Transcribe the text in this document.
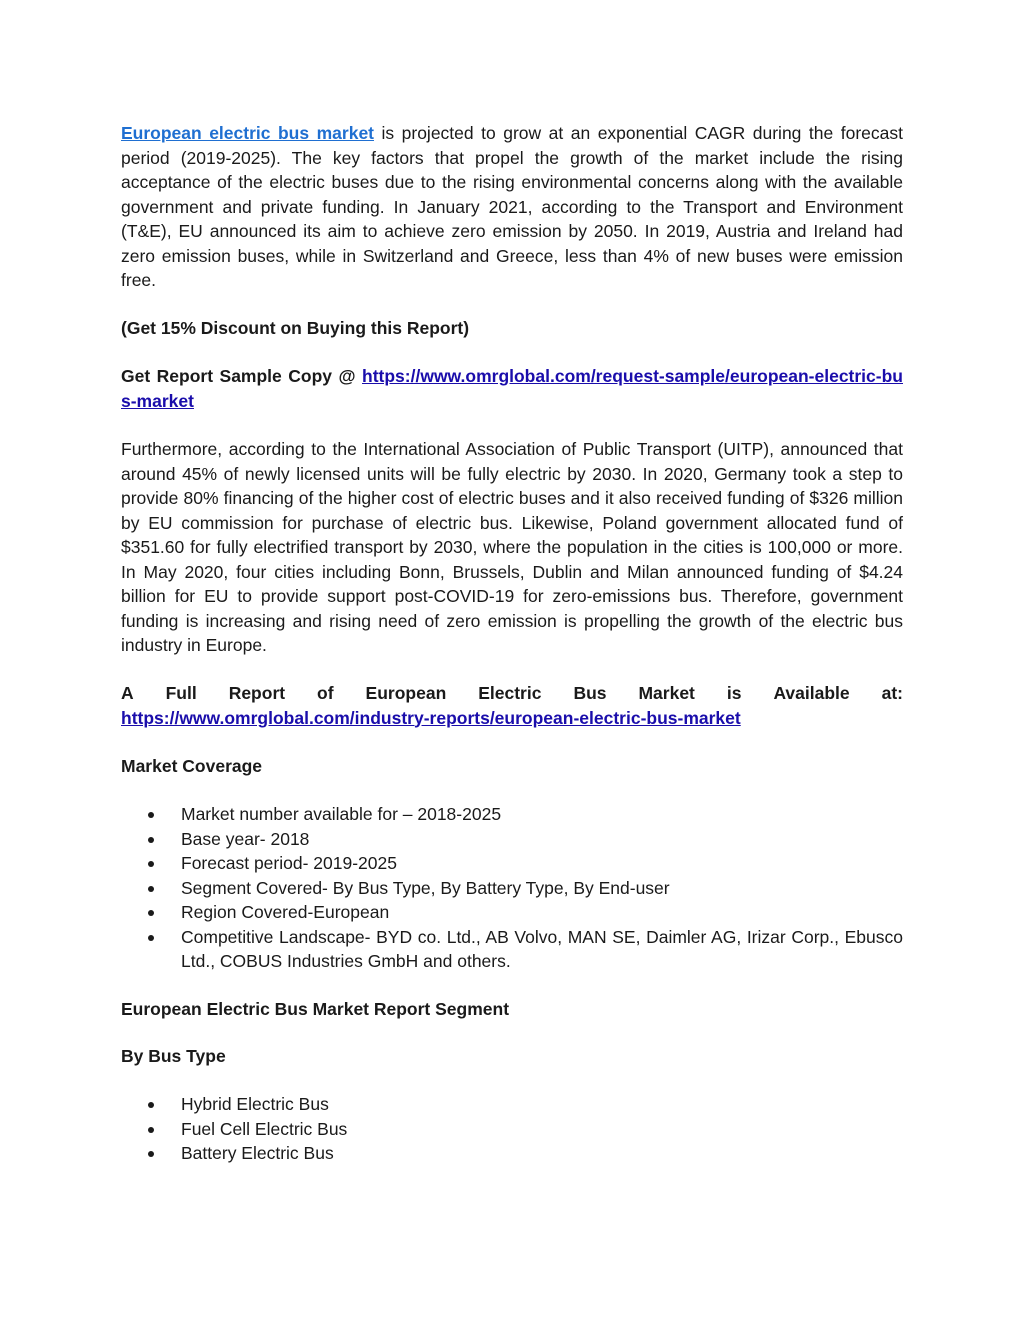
European electric bus market is projected to grow at an exponential CAGR during the forecast period (2019-2025). The key factors that propel the growth of the market include the rising acceptance of the electric buses due to the rising environmental concerns along with the available government and private funding. In January 2021, according to the Transport and Environment (T&E), EU announced its aim to achieve zero emission by 2050. In 2019, Austria and Ireland had zero emission buses, while in Switzerland and Greece, less than 4% of new buses were emission free.

(Get 15% Discount on Buying this Report)

Get Report Sample Copy @ https://www.omrglobal.com/request-sample/european-electric-bus-market

Furthermore, according to the International Association of Public Transport (UITP), announced that around 45% of newly licensed units will be fully electric by 2030. In 2020, Germany took a step to provide 80% financing of the higher cost of electric buses and it also received funding of $326 million by EU commission for purchase of electric bus. Likewise, Poland government allocated fund of $351.60 for fully electrified transport by 2030, where the population in the cities is 100,000 or more. In May 2020, four cities including Bonn, Brussels, Dublin and Milan announced funding of $4.24 billion for EU to provide support post-COVID-19 for zero-emissions bus. Therefore, government funding is increasing and rising need of zero emission is propelling the growth of the electric bus industry in Europe.

A Full Report of European Electric Bus Market is Available at:
https://www.omrglobal.com/industry-reports/european-electric-bus-market

Market Coverage

Market number available for – 2018-2025
Base year- 2018
Forecast period- 2019-2025
Segment Covered- By Bus Type, By Battery Type, By End-user
Region Covered-European
Competitive Landscape- BYD co. Ltd., AB Volvo, MAN SE, Daimler AG, Irizar Corp., Ebusco Ltd., COBUS Industries GmbH and others.

European Electric Bus Market Report Segment

By Bus Type

Hybrid Electric Bus
Fuel Cell Electric Bus
Battery Electric Bus
